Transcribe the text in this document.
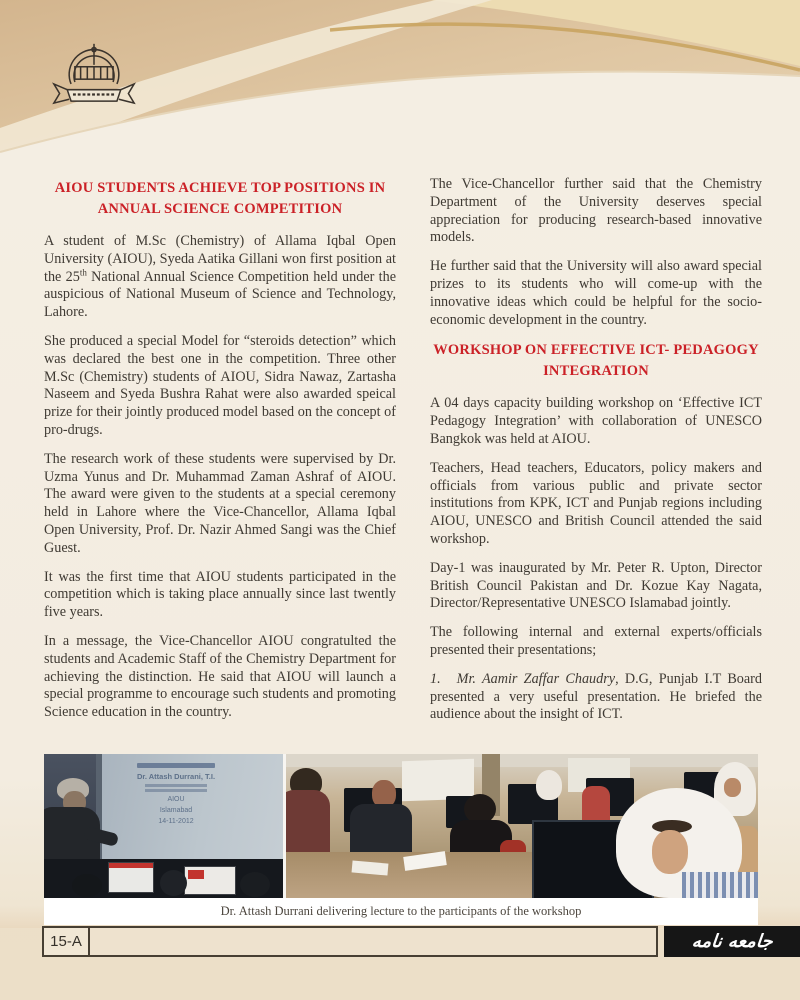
AIOU STUDENTS ACHIEVE TOP POSITIONS IN ANNUAL SCIENCE COMPETITION

A student of M.Sc (Chemistry) of Allama Iqbal Open University (AIOU), Syeda Aatika Gillani won first position at the 25th National Annual Science Competition held under the auspicious of National Museum of Science and Technology, Lahore.

She produced a special Model for “steroids detection” which was declared the best one in the competition. Three other M.Sc (Chemistry) students of AIOU, Sidra Nawaz, Zartasha Naseem and Syeda Bushra Rahat were also awarded speical prize for their jointly produced model based on the concept of pro-drugs.

The research work of these students were supervised by Dr. Uzma Yunus and Dr. Muhammad Zaman Ashraf of AIOU. The award were given to the students at a special ceremony held in Lahore where the Vice-Chancellor, Allama Iqbal Open University, Prof. Dr. Nazir Ahmed Sangi was the Chief Guest.

It was the first time that AIOU students participated in the competition which is taking place annually since last twently five years.

In a message, the Vice-Chancellor AIOU congratulted the students and Academic Staff of the Chemistry Department for achieving the distinction. He said that AIOU will launch a special programme to encourage such students and promoting Science education in the country.

The Vice-Chancellor further said that the Chemistry Department of the University deserves special appreciation for producing research-based innovative models.

He further said that the University will also award special prizes to its students who will come-up with the innovative ideas which could be helpful for the socio-economic development in the country.

WORKSHOP ON EFFECTIVE ICT- PEDAGOGY INTEGRATION

A 04 days capacity building workshop on ‘Effective ICT Pedagogy Integration’ with collaboration of UNESCO Bangkok was held at AIOU.

Teachers, Head teachers, Educators, policy makers and officials from various public and private sector institutions from KPK, ICT and Punjab regions including AIOU, UNESCO and British Council attended the said workshop.

Day-1 was inaugurated by Mr. Peter R. Upton, Director British Council Pakistan and Dr. Kozue Kay Nagata, Director/Representative UNESCO Islamabad jointly.

The following internal and external experts/officials presented their presentations;

1. Mr. Aamir Zaffar Chaudry, D.G, Punjab I.T Board presented a very useful presentation. He briefed the audience about the insight of ICT.

Dr. Attash Durrani, T.I.
AIOU
Islamabad
14-11-2012
Dr. Attash Durrani delivering lecture to the participants of the workshop
15-A	جامعه نامه
